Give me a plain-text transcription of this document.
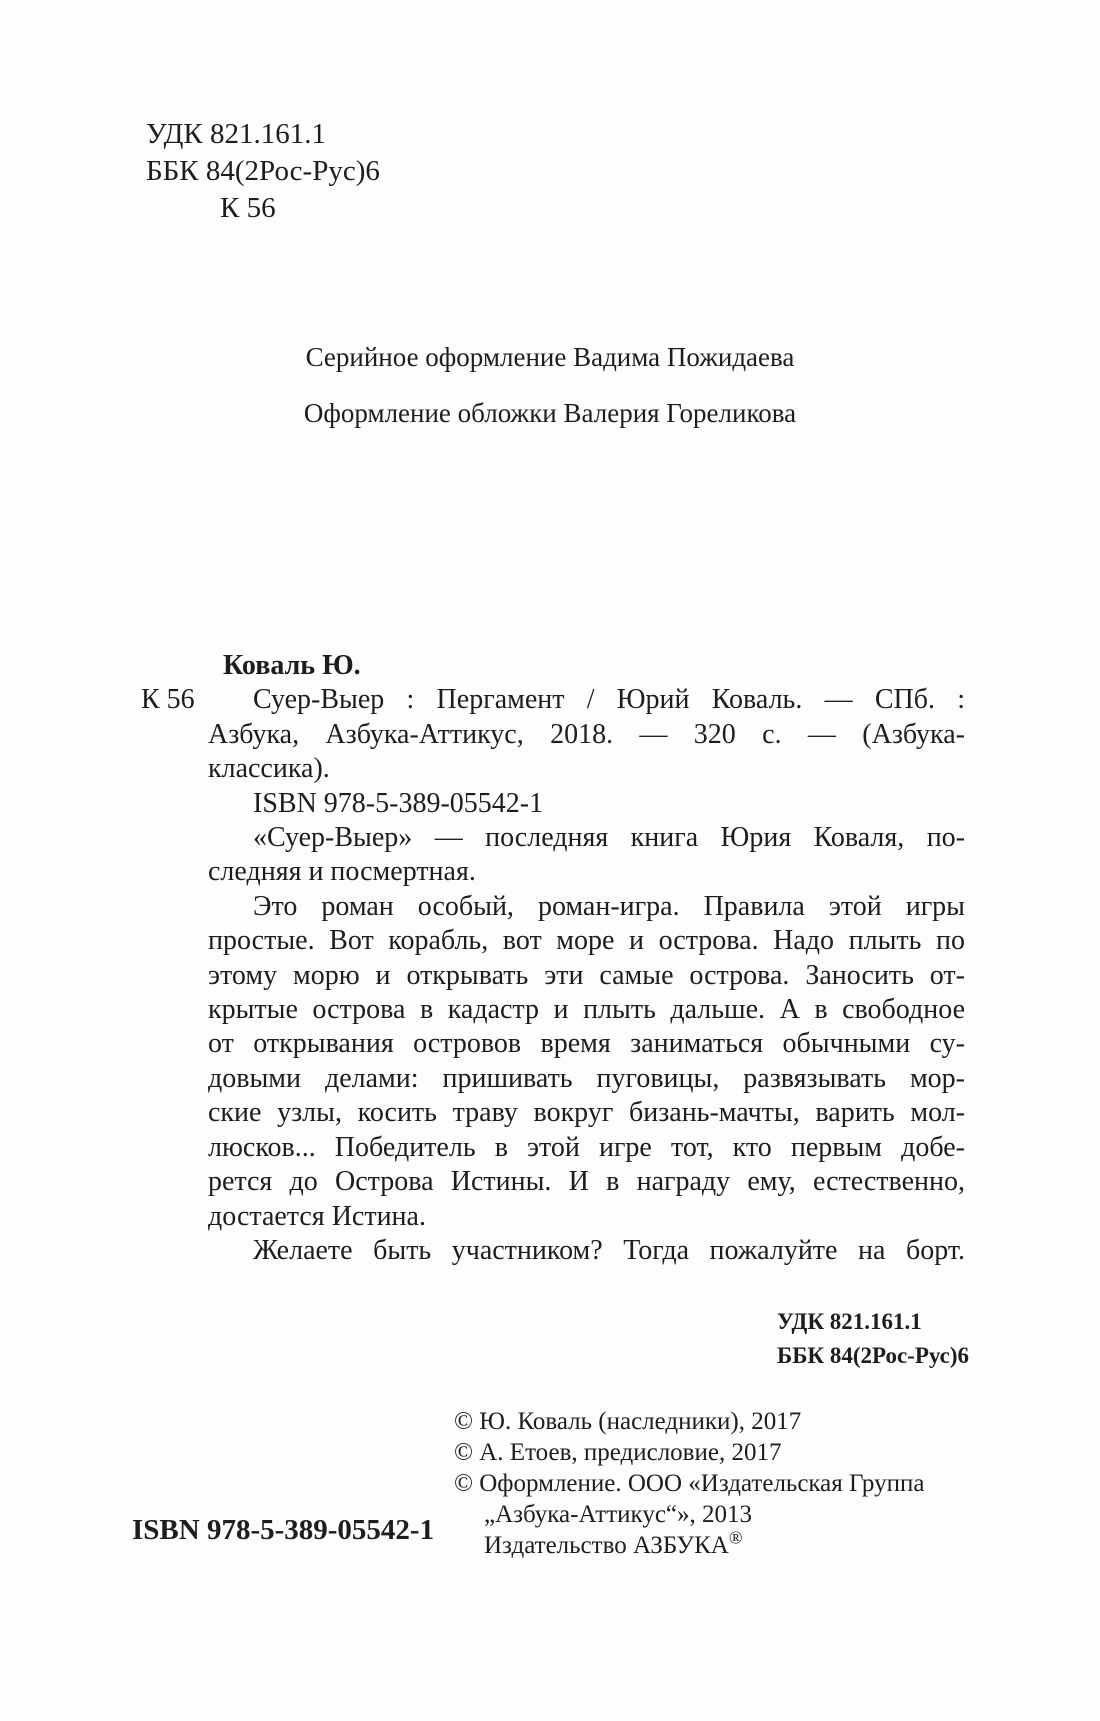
УДК 821.161.1
ББК 84(2Рос-Рус)6
К 56
Серийное оформление Вадима Пожидаева
Оформление обложки Валерия Гореликова
К 56
Коваль Ю.
Суер-Выер : Пергамент / Юрий Коваль. — СПб. :
Азбука, Азбука-Аттикус, 2018. — 320 с. — (Азбука-
классика).
ISBN 978-5-389-05542-1
«Суер-Выер» — последняя книга Юрия Коваля, по-
следняя и посмертная.
Это роман особый, роман-игра. Правила этой игры
простые. Вот корабль, вот море и острова. Надо плыть по
этому морю и открывать эти самые острова. Заносить от-
крытые острова в кадастр и плыть дальше. А в свободное
от открывания островов время заниматься обычными су-
довыми делами: пришивать пуговицы, развязывать мор-
ские узлы, косить траву вокруг бизань-мачты, варить мол-
люсков... Победитель в этой игре тот, кто первым добе-
рется до Острова Истины. И в награду ему, естественно,
достается Истина.
Желаете быть участником? Тогда пожалуйте на борт.
УДК 821.161.1
ББК 84(2Рос-Рус)6
© Ю. Коваль (наследники), 2017
© А. Етоев, предисловие, 2017
© Оформление. ООО «Издательская Группа
„Азбука-Аттикус“», 2013
Издательство АЗБУКА®
ISBN 978-5-389-05542-1
